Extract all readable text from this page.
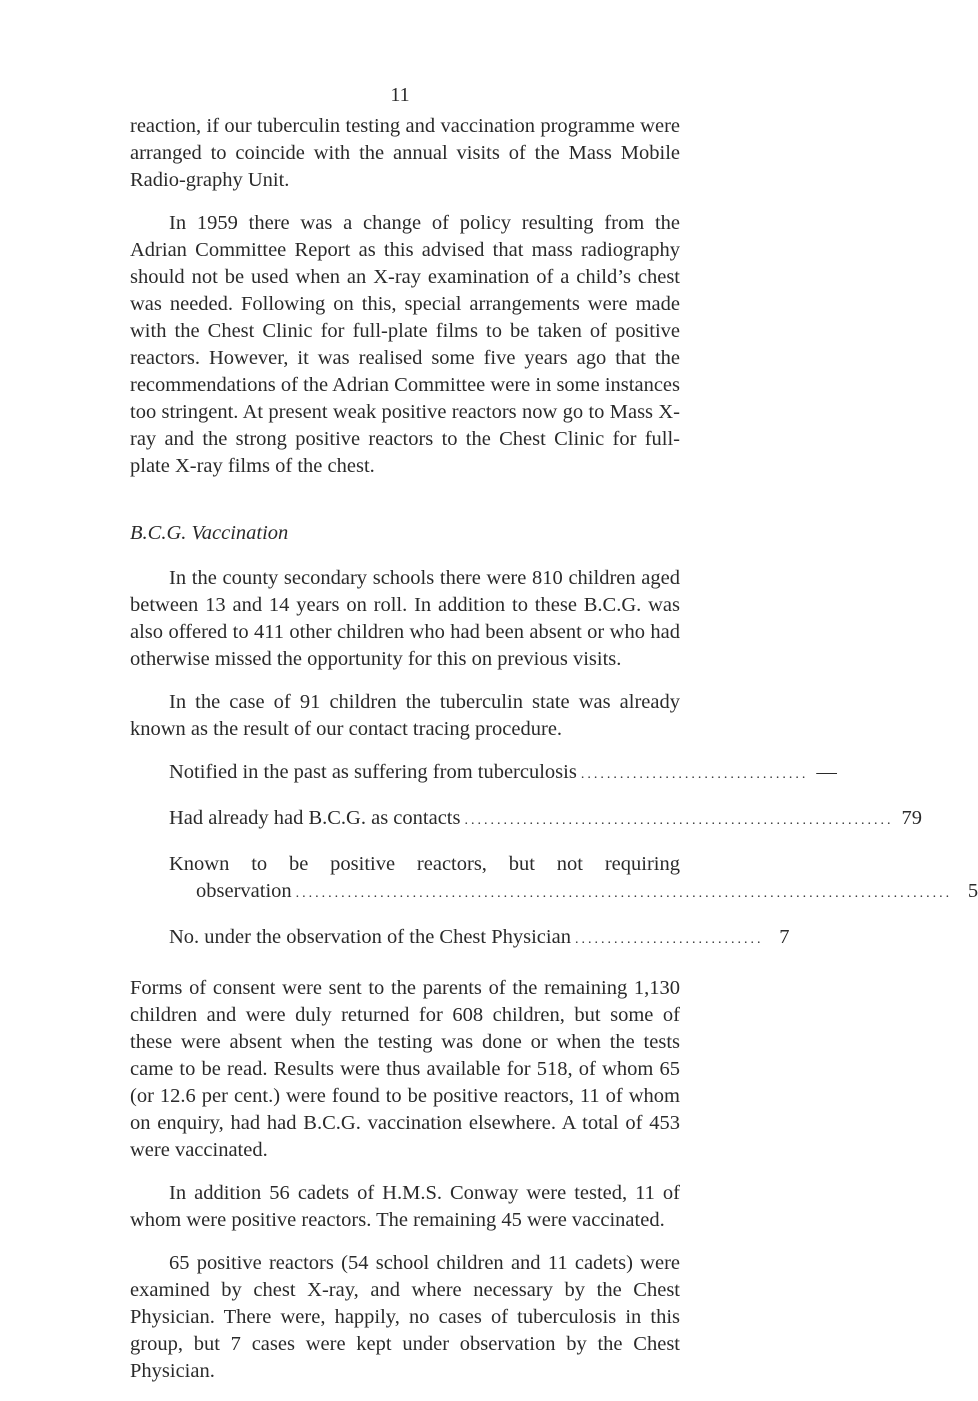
11

reaction, if our tuberculin testing and vaccination programme were arranged to coincide with the annual visits of the Mass Mobile Radio-graphy Unit.

In 1959 there was a change of policy resulting from the Adrian Committee Report as this advised that mass radiography should not be used when an X-ray examination of a child’s chest was needed. Following on this, special arrangements were made with the Chest Clinic for full-plate films to be taken of positive reactors. However, it was realised some five years ago that the recommendations of the Adrian Committee were in some instances too stringent. At present weak positive reactors now go to Mass X-ray and the strong positive reactors to the Chest Clinic for full-plate X-ray films of the chest.

B.C.G. Vaccination

In the county secondary schools there were 810 children aged between 13 and 14 years on roll. In addition to these B.C.G. was also offered to 411 other children who had been absent or who had otherwise missed the opportunity for this on previous visits.

In the case of 91 children the tuberculin state was already known as the result of our contact tracing procedure.

Notified in the past as suffering from tuberculosis ................................... —
Had already had B.C.G. as contacts .................................................................. 79
Known to be positive reactors, but not requiring
observation ..................................................................................................... 5
No. under the observation of the Chest Physician ............................. 7

Forms of consent were sent to the parents of the remaining 1,130 children and were duly returned for 608 children, but some of these were absent when the testing was done or when the tests came to be read. Results were thus available for 518, of whom 65 (or 12.6 per cent.) were found to be positive reactors, 11 of whom on enquiry, had had B.C.G. vaccination elsewhere. A total of 453 were vaccinated.

In addition 56 cadets of H.M.S. Conway were tested, 11 of whom were positive reactors. The remaining 45 were vaccinated.

65 positive reactors (54 school children and 11 cadets) were examined by chest X-ray, and where necessary by the Chest Physician. There were, happily, no cases of tuberculosis in this group, but 7 cases were kept under observation by the Chest Physician.
